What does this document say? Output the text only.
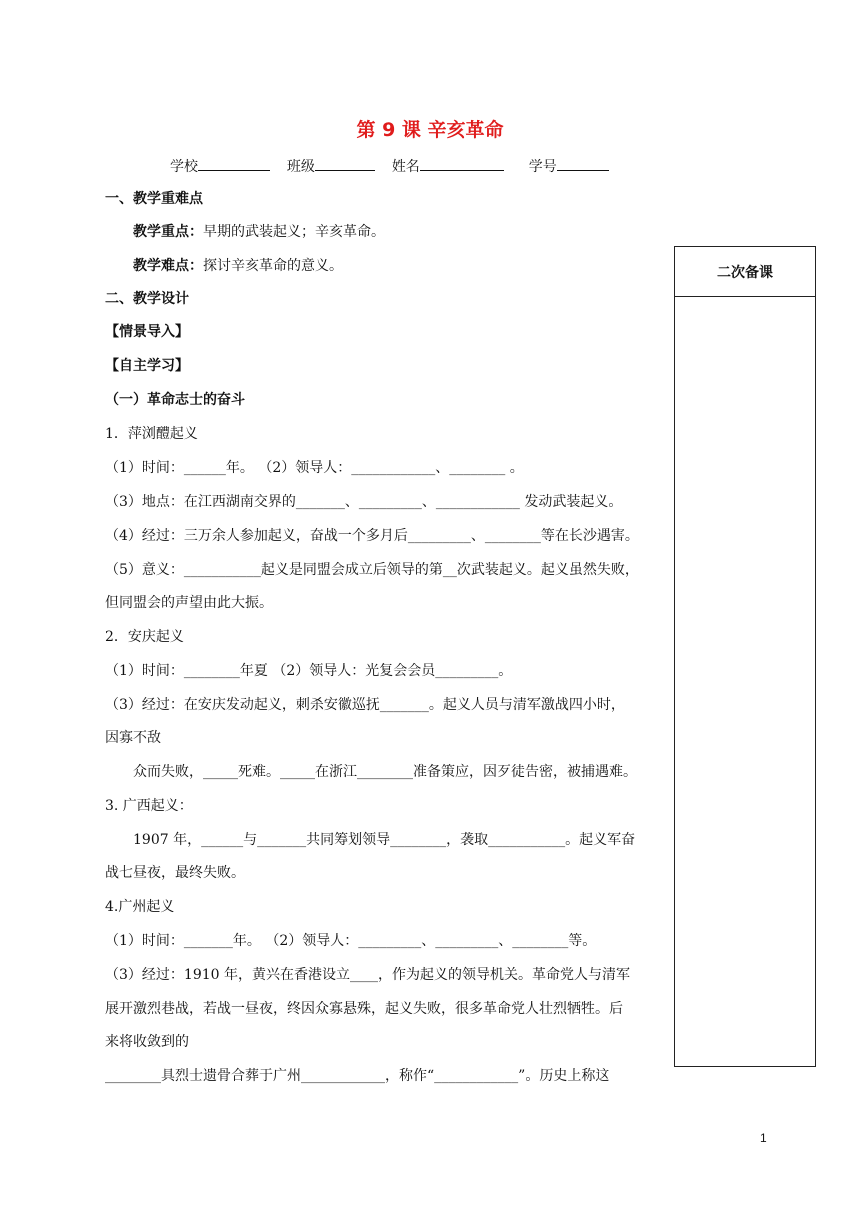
第 9 课 辛亥革命
学校	班级	姓名	学号
一、教学重难点
教学重点：早期的武装起义；辛亥革命。
教学难点：探讨辛亥革命的意义。
二、教学设计
【情景导入】
【自主学习】
（一）革命志士的奋斗
1．萍浏醴起义
（1）时间：______年。 （2）领导人：____________、________ 。
（3）地点：在江西湖南交界的_______、_________、____________ 发动武装起义。
（4）经过：三万余人参加起义，奋战一个多月后_________、________等在长沙遇害。
（5）意义：___________起义是同盟会成立后领导的第__次武装起义。起义虽然失败，
但同盟会的声望由此大振。
2．安庆起义
（1）时间：________年夏 （2）领导人：光复会会员_________。
（3）经过：在安庆发动起义，刺杀安徽巡抚_______。起义人员与清军激战四小时，
因寡不敌
众而失败，_____死难。_____在浙江________准备策应，因歹徒告密，被捕遇难。
3. 广西起义：
1907 年，______与_______共同筹划领导________，袭取___________。起义军奋
战七昼夜，最终失败。
4.广州起义
（1）时间：_______年。 （2）领导人：_________、_________、________等。
（3）经过：1910 年，黄兴在香港设立____，作为起义的领导机关。革命党人与清军
展开激烈巷战，若战一昼夜，终因众寡悬殊，起义失败，很多革命党人壮烈牺牲。后
来将收敛到的
________具烈士遗骨合葬于广州____________，称作“____________”。历史上称这
二次备课
1
